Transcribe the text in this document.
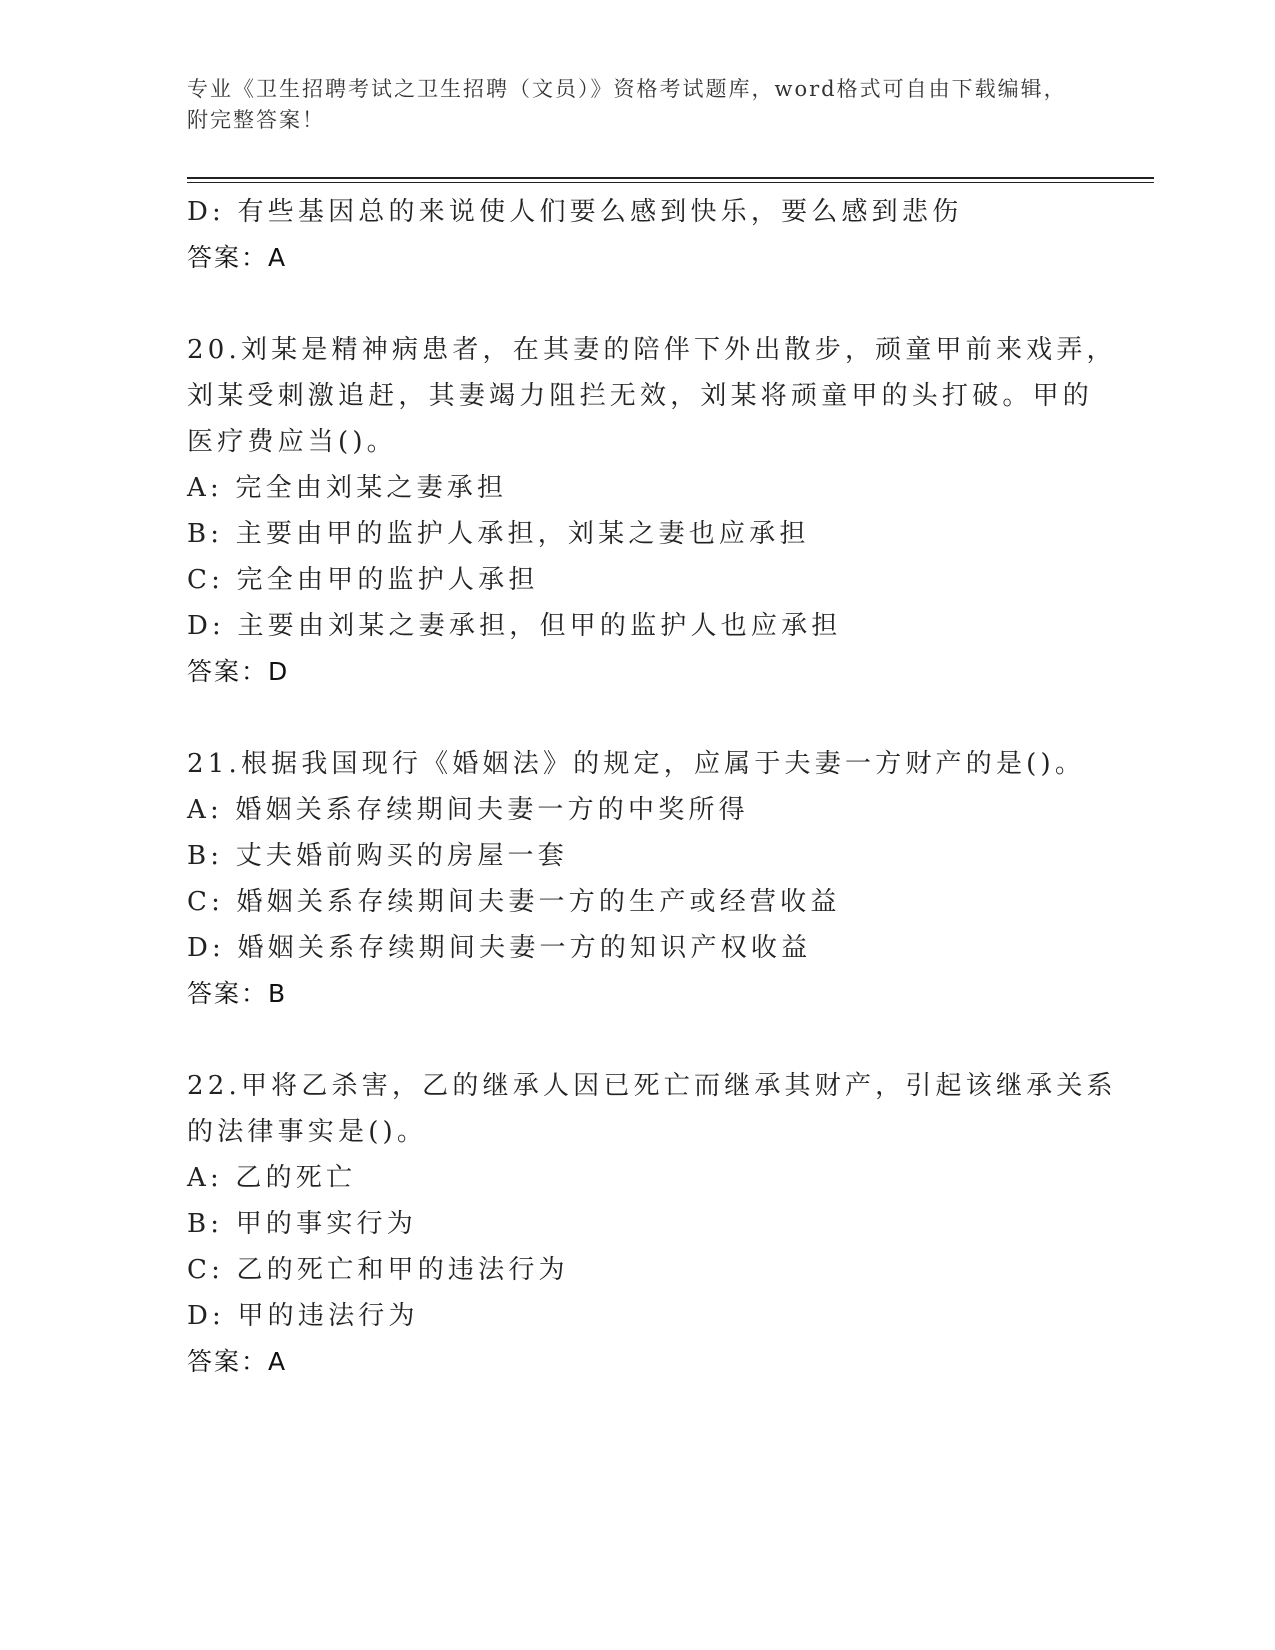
专业《卫生招聘考试之卫生招聘（文员）》资格考试题库，word格式可自由下载编辑，附完整答案！
D: 有些基因总的来说使人们要么感到快乐，要么感到悲伤
答案：A
20.刘某是精神病患者，在其妻的陪伴下外出散步，顽童甲前来戏弄，
刘某受刺激追赶，其妻竭力阻拦无效，刘某将顽童甲的头打破。甲的
医疗费应当()。
A: 完全由刘某之妻承担
B: 主要由甲的监护人承担，刘某之妻也应承担
C: 完全由甲的监护人承担
D: 主要由刘某之妻承担，但甲的监护人也应承担
答案：D
21.根据我国现行《婚姻法》的规定，应属于夫妻一方财产的是()。
A: 婚姻关系存续期间夫妻一方的中奖所得
B: 丈夫婚前购买的房屋一套
C: 婚姻关系存续期间夫妻一方的生产或经营收益
D: 婚姻关系存续期间夫妻一方的知识产权收益
答案：B
22.甲将乙杀害，乙的继承人因已死亡而继承其财产，引起该继承关系
的法律事实是()。
A: 乙的死亡
B: 甲的事实行为
C: 乙的死亡和甲的违法行为
D: 甲的违法行为
答案：A
